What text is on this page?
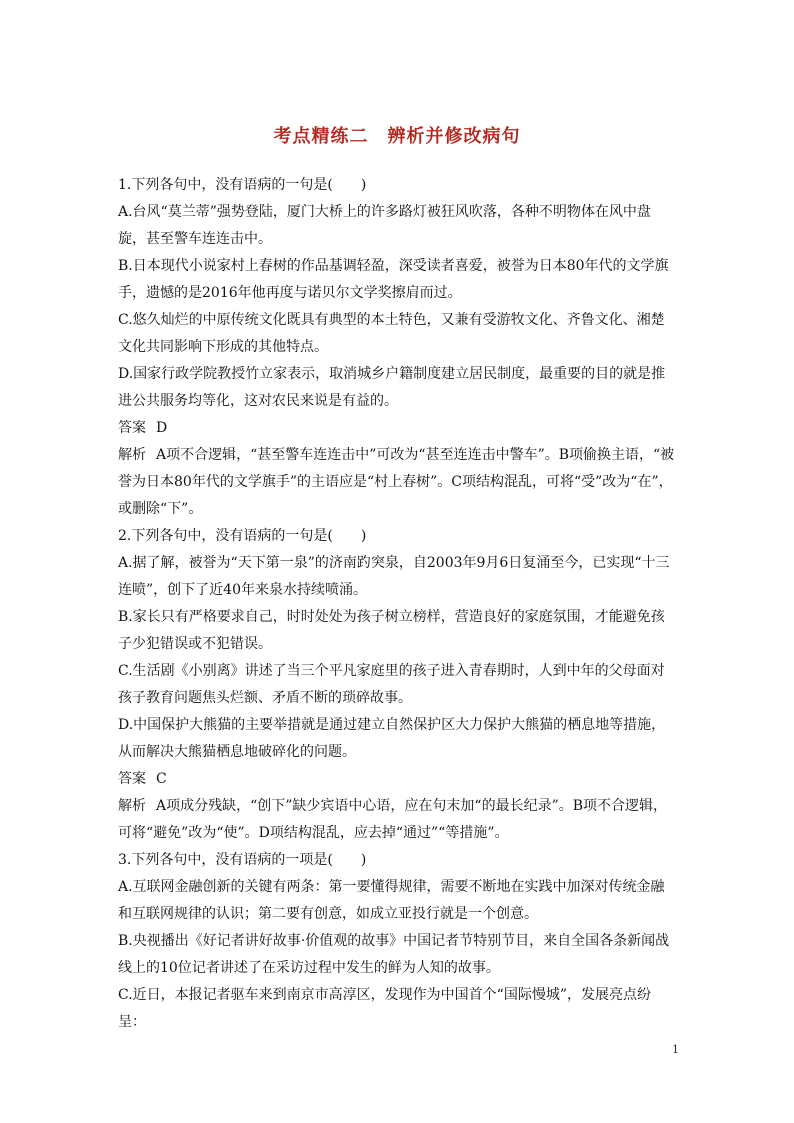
考点精练二　辨析并修改病句

1.下列各句中，没有语病的一句是(　　)

A.台风“莫兰蒂”强势登陆，厦门大桥上的许多路灯被狂风吹落，各种不明物体在风中盘旋，甚至警车连连击中。

B.日本现代小说家村上春树的作品基调轻盈，深受读者喜爱，被誉为日本80年代的文学旗手，遗憾的是2016年他再度与诺贝尔文学奖擦肩而过。

C.悠久灿烂的中原传统文化既具有典型的本土特色，又兼有受游牧文化、齐鲁文化、湘楚文化共同影响下形成的其他特点。

D.国家行政学院教授竹立家表示，取消城乡户籍制度建立居民制度，最重要的目的就是推进公共服务均等化，这对农民来说是有益的。

答案 D

解析 A项不合逻辑，“甚至警车连连击中”可改为“甚至连连击中警车”。B项偷换主语，“被誉为日本80年代的文学旗手”的主语应是“村上春树”。C项结构混乱，可将“受”改为“在”，或删除“下”。

2.下列各句中，没有语病的一句是(　　)

A.据了解，被誉为“天下第一泉”的济南趵突泉，自2003年9月6日复涌至今，已实现“十三连喷”，创下了近40年来泉水持续喷涌。

B.家长只有严格要求自己，时时处处为孩子树立榜样，营造良好的家庭氛围，才能避免孩子少犯错误或不犯错误。

C.生活剧《小别离》讲述了当三个平凡家庭里的孩子进入青春期时，人到中年的父母面对孩子教育问题焦头烂额、矛盾不断的琐碎故事。

D.中国保护大熊猫的主要举措就是通过建立自然保护区大力保护大熊猫的栖息地等措施，从而解决大熊猫栖息地破碎化的问题。

答案 C

解析 A项成分残缺，“创下”缺少宾语中心语，应在句末加“的最长纪录”。B项不合逻辑，可将“避免”改为“使”。D项结构混乱，应去掉“通过”“等措施”。

3.下列各句中，没有语病的一项是(　　)

A.互联网金融创新的关键有两条：第一要懂得规律，需要不断地在实践中加深对传统金融和互联网规律的认识；第二要有创意，如成立亚投行就是一个创意。

B.央视播出《好记者讲好故事·价值观的故事》中国记者节特别节目，来自全国各条新闻战线上的10位记者讲述了在采访过程中发生的鲜为人知的故事。

C.近日，本报记者驱车来到南京市高淳区，发现作为中国首个“国际慢城”，发展亮点纷呈：

1
